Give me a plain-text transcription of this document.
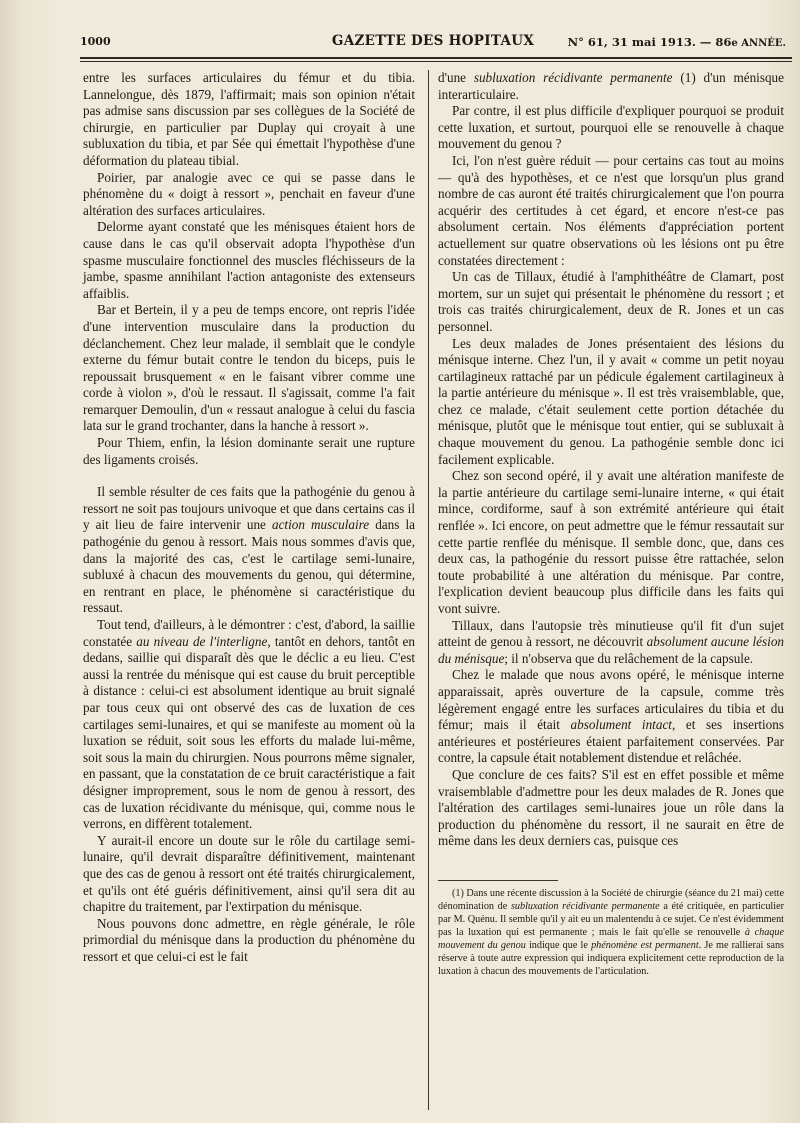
1000	GAZETTE DES HOPITAUX	N° 61, 31 mai 1913. — 86e ANNÉE.

entre les surfaces articulaires du fémur et du tibia. Lannelongue, dès 1879, l'affirmait; mais son opinion n'était pas admise sans discussion par ses collègues de la Société de chirurgie, en particulier par Duplay qui croyait à une subluxation du tibia, et par Sée qui émettait l'hypothèse d'une déformation du plateau tibial.

Poirier, par analogie avec ce qui se passe dans le phénomène du « doigt à ressort », penchait en faveur d'une altération des surfaces articulaires.

Delorme ayant constaté que les ménisques étaient hors de cause dans le cas qu'il observait adopta l'hypothèse d'un spasme musculaire fonctionnel des muscles fléchisseurs de la jambe, spasme annihilant l'action antagoniste des extenseurs affaiblis.

Bar et Bertein, il y a peu de temps encore, ont repris l'idée d'une intervention musculaire dans la production du déclanchement. Chez leur malade, il semblait que le condyle externe du fémur butait contre le tendon du biceps, puis le repoussait brusquement « en le faisant vibrer comme une corde à violon », d'où le ressaut. Il s'agissait, comme l'a fait remarquer Demoulin, d'un « ressaut analogue à celui du fascia lata sur le grand trochanter, dans la hanche à ressort ».

Pour Thiem, enfin, la lésion dominante serait une rupture des ligaments croisés.

Il semble résulter de ces faits que la pathogénie du genou à ressort ne soit pas toujours univoque et que dans certains cas il y ait lieu de faire intervenir une action musculaire dans la pathogénie du genou à ressort. Mais nous sommes d'avis que, dans la majorité des cas, c'est le cartilage semi-lunaire, subluxé à chacun des mouvements du genou, qui détermine, en rentrant en place, le phénomène si caractéristique du ressaut.

Tout tend, d'ailleurs, à le démontrer : c'est, d'abord, la saillie constatée au niveau de l'interligne, tantôt en dehors, tantôt en dedans, saillie qui disparaît dès que le déclic a eu lieu. C'est aussi la rentrée du ménisque qui est cause du bruit perceptible à distance : celui-ci est absolument identique au bruit signalé par tous ceux qui ont observé des cas de luxation de ces cartilages semi-lunaires, et qui se manifeste au moment où la luxation se réduit, soit sous les efforts du malade lui-même, soit sous la main du chirurgien. Nous pourrons même signaler, en passant, que la constatation de ce bruit caractéristique a fait désigner improprement, sous le nom de genou à ressort, des cas de luxation récidivante du ménisque, qui, comme nous le verrons, en diffèrent totalement.

Y aurait-il encore un doute sur le rôle du cartilage semi-lunaire, qu'il devrait disparaître définitivement, maintenant que des cas de genou à ressort ont été traités chirurgicalement, et qu'ils ont été guéris définitivement, ainsi qu'il sera dit au chapitre du traitement, par l'extirpation du ménisque.

Nous pouvons donc admettre, en règle générale, le rôle primordial du ménisque dans la production du phénomène du ressort et que celui-ci est le fait

d'une subluxation récidivante permanente (1) d'un ménisque interarticulaire.

Par contre, il est plus difficile d'expliquer pourquoi se produit cette luxation, et surtout, pourquoi elle se renouvelle à chaque mouvement du genou ?

Ici, l'on n'est guère réduit — pour certains cas tout au moins — qu'à des hypothèses, et ce n'est que lorsqu'un plus grand nombre de cas auront été traités chirurgicalement que l'on pourra acquérir des certitudes à cet égard, et encore n'est-ce pas absolument certain. Nos éléments d'appréciation portent actuellement sur quatre observations où les lésions ont pu être constatées directement :

Un cas de Tillaux, étudié à l'amphithéâtre de Clamart, post mortem, sur un sujet qui présentait le phénomène du ressort ; et trois cas traités chirurgicalement, deux de R. Jones et un cas personnel.

Les deux malades de Jones présentaient des lésions du ménisque interne. Chez l'un, il y avait « comme un petit noyau cartilagineux rattaché par un pédicule également cartilagineux à la partie antérieure du ménisque ». Il est très vraisemblable, que, chez ce malade, c'était seulement cette portion détachée du ménisque, plutôt que le ménisque tout entier, qui se subluxait à chaque mouvement du genou. La pathogénie semble donc ici facilement explicable.

Chez son second opéré, il y avait une altération manifeste de la partie antérieure du cartilage semi-lunaire interne, « qui était mince, cordiforme, sauf à son extrémité antérieure qui était renflée ». Ici encore, on peut admettre que le fémur ressautait sur cette partie renflée du ménisque. Il semble donc, que, dans ces deux cas, la pathogénie du ressort puisse être rattachée, selon toute probabilité à une altération du ménisque. Par contre, l'explication devient beaucoup plus difficile dans les faits qui vont suivre.

Tillaux, dans l'autopsie très minutieuse qu'il fit d'un sujet atteint de genou à ressort, ne découvrit absolument aucune lésion du ménisque; il n'observa que du relâchement de la capsule.

Chez le malade que nous avons opéré, le ménisque interne apparaissait, après ouverture de la capsule, comme très légèrement engagé entre les surfaces articulaires du tibia et du fémur; mais il était absolument intact, et ses insertions antérieures et postérieures étaient parfaitement conservées. Par contre, la capsule était notablement distendue et relâchée.

Que conclure de ces faits? S'il est en effet possible et même vraisemblable d'admettre pour les deux malades de R. Jones que l'altération des cartilages semi-lunaires joue un rôle dans la production du phénomène du ressort, il ne saurait en être de même dans les deux derniers cas, puisque ces

(1) Dans une récente discussion à la Société de chirurgie (séance du 21 mai) cette dénomination de subluxation récidivante permanente a été critiquée, en particulier par M. Quénu. Il semble qu'il y ait eu un malentendu à ce sujet. Ce n'est évidemment pas la luxation qui est permanente ; mais le fait qu'elle se renouvelle à chaque mouvement du genou indique que le phénomène est permanent. Je me rallierai sans réserve à toute autre expression qui indiquera explicitement cette reproduction de la luxation à chacun des mouvements de l'articulation.
